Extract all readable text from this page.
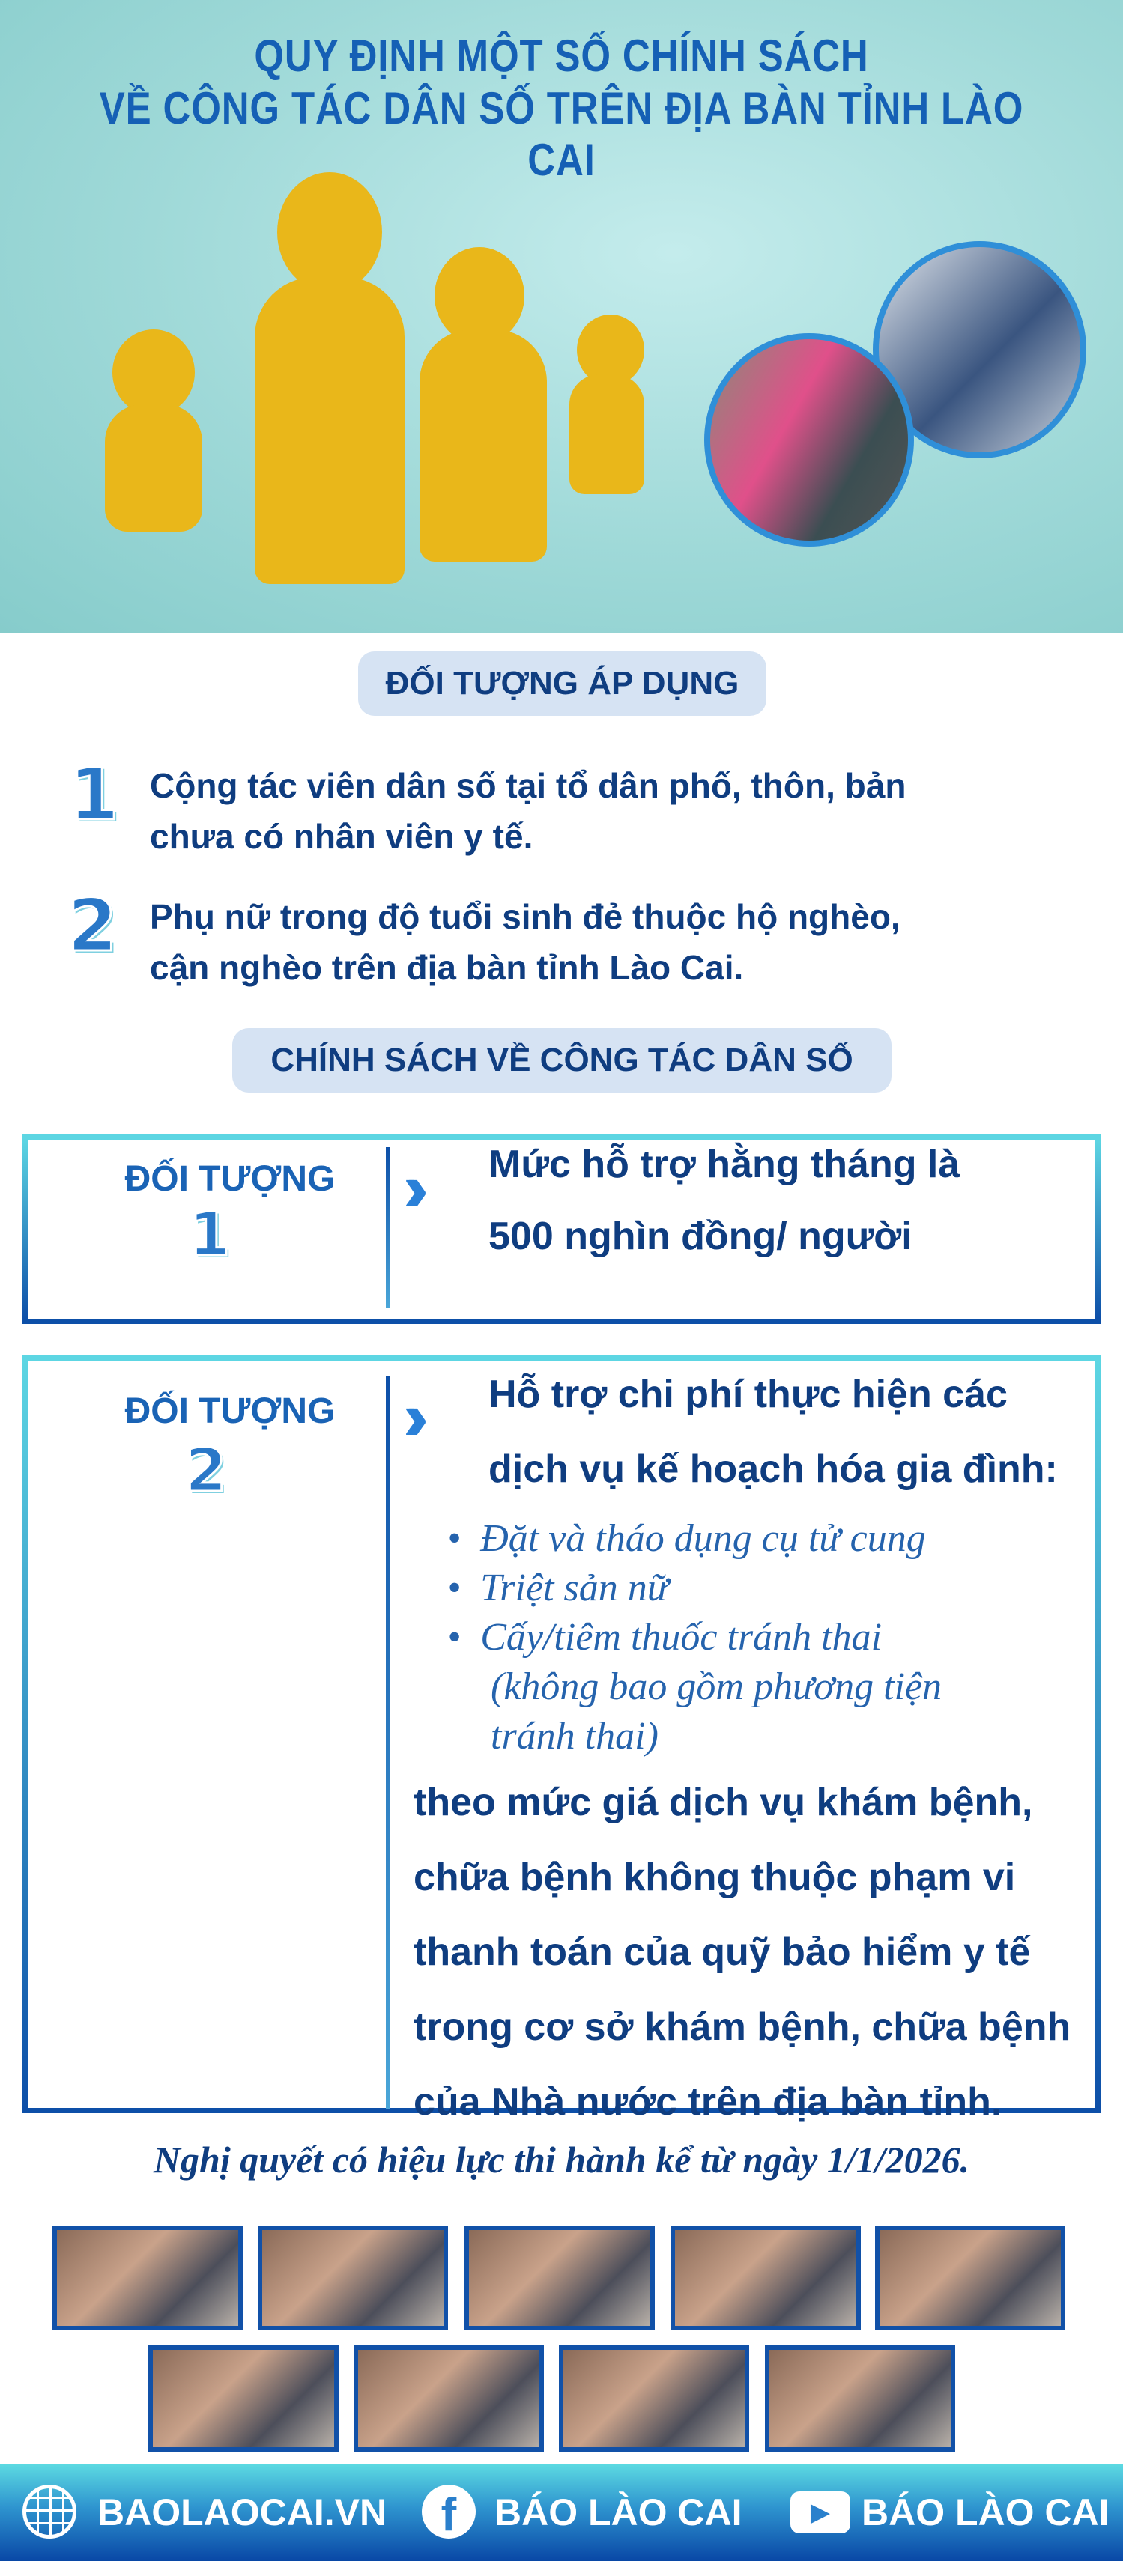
QUY ĐỊNH MỘT SỐ CHÍNH SÁCH
VỀ CÔNG TÁC DÂN SỐ TRÊN ĐỊA BÀN TỈNH LÀO CAI
ĐỐI TƯỢNG ÁP DỤNG
1 Cộng tác viên dân số tại tổ dân phố, thôn, bản
chưa có nhân viên y tế.
2 Phụ nữ trong độ tuổi sinh đẻ thuộc hộ nghèo,
cận nghèo trên địa bàn tỉnh Lào Cai.
CHÍNH SÁCH VỀ CÔNG TÁC DÂN SỐ
ĐỐI TƯỢNG
1
Mức hỗ trợ hằng tháng là
500 nghìn đồng/ người
ĐỐI TƯỢNG
2
Hỗ trợ chi phí thực hiện các
dịch vụ kế hoạch hóa gia đình:
•  Đặt và tháo dụng cụ tử cung
•  Triệt sản nữ
•  Cấy/tiêm thuốc tránh thai
(không bao gồm phương tiện
tránh thai)
theo mức giá dịch vụ khám bệnh,
chữa bệnh không thuộc phạm vi
thanh toán của quỹ bảo hiểm y tế
trong cơ sở khám bệnh, chữa bệnh
của Nhà nước trên địa bàn tỉnh.
Nghị quyết có hiệu lực thi hành kể từ ngày 1/1/2026.
BAOLAOCAI.VN	f	BÁO LÀO CAI	▶ BÁO LÀO CAI
